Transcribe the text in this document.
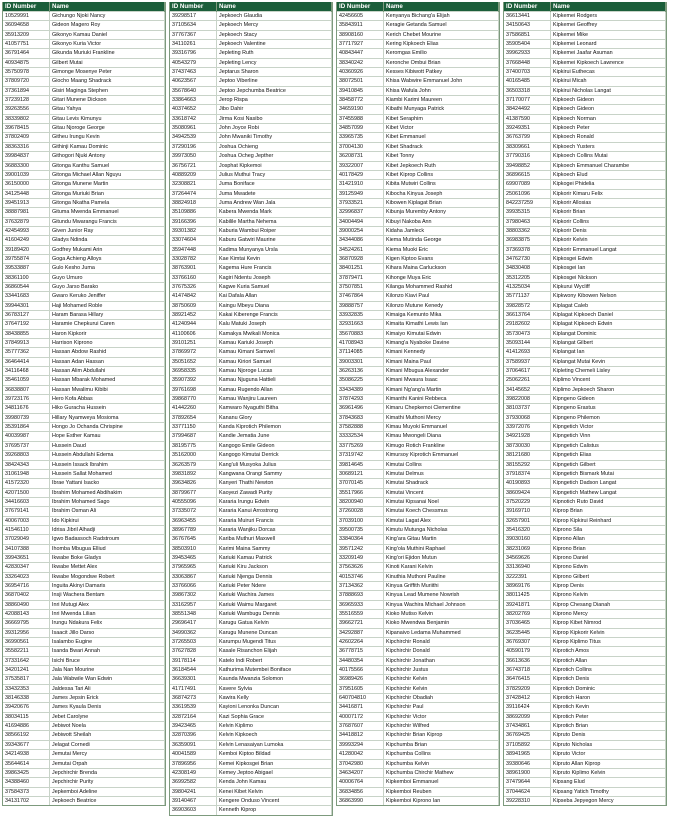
ID Number	Name
10529991	Gichungo Njoki Nancy
36094658	Gideon Magero Roy
35913209	Gikonyo Kamau Daniel
41057751	Gikonyo Kuria Victor
36791464	Gikunda Muriuki Frankline
40934875	Gilbert Mutai
35750978	Gimonge Mosenye Peter
37809720	Giocho Maang Shadrack
37361894	Gisiri Maginga Stephen
37239128	Gitari Munene Dickson
39263556	Gitau Yahya
38339802	Gitau Levis Kimunyu
39678415	Gitau Njoroge George
37802409	Githeu Irungu Kevin
38363316	Githinji Kamau Dominic
39984837	Githogori Njuki Antony
36883300	Gitonga Kanthu Samuel
39001039	Gitonga Michael Allan Nguyu
36150000	Gitonga Munene Martin
34125448	Gitonga Muriuki Brian
39451913	Gitonga Nkatha Pamela
38887981	Gituma Mwenda Emmanuel
37632879	Gitundu Mwarangu Francis
42454993	Given Junior Ray
41604249	Gladys Ndinda
39189420	Godfrey Mukami Arin
39755874	Goga Achieng Alloys
39533887	Gulo Kesho Juma
38361100	Guyo Umuro
36860544	Guyo Jarso Barako
33441683	Gwaro Keruko Jeniffer
39944301	Haji Mohamed Roble
36783127	Haram Barasa Hillary
37647192	Haramie Chepkurui Caren
38438855	Haron Kipkorir
37849913	Harrison Kiprono
35777362	Hassan Abdow Rashid
36464414	Hassan Adan Hassan
34116468	Hassan Alim Abdullahi
35461059	Hassan Mbarak Mohamed
36838807	Hassan Mwalimu Kibibi
39723176	Hero Kofa Abbas
34811676	Hiko Guracha Hussein
39980739	Hillary Nyamweya Mosioma
35391864	Hongo Jo Ochanda Chrispine
40039987	Hope Esther Kamau
37695737	Hussein Daud
39268803	Hussein Abdullahi Edema
38424343	Hussein Issack Ibrahim
31061948	Hussein Sallat Mohamed
41572320	Ibrae Yattani Isacko
42071500	Ibrahim Mohamed Abdihakim
34416603	Ibrahim Mohamed Sago
37679141	Ibrahim Osman Ali
40067003	Ido Kipkirui
41546110	Idrisa Jibril Alhadji
37029049	Igwo Badassoch Radstroum
34107388	Ihomba Mbugua Elliud
39943651	Ikwabe Boke Gladys
42830347	Ikwabe Mettet Alex
33264023	Ikwabe Mogondwe Robert
36954716	Inguita Akinyi Damaris
36870402	Insji Wachera Bentam
38860490	Inri Mutugi Alex
42088143	Inri Mwenda Lilian
36669795	Irungu Ndakura Felix
39312956	Isaacit Jillo Darso
36990561	Isalambo Eugine
35582211	Isanda Bwari Annah
37331642	Isichi Bruce
34201241	Jala Nan Mourine
37535817	Jala Wabwile Wan Edwin
33432353	Jaldessa Tari Ali
38146338	James Jepsin Erick
39420676	James Kyaula Denis
38034115	Jebet Carolyne
41694886	Jebiwot Noela
38566192	Jebiwott Sheilah
39343677	Jelagat Cornedi
34214938	Jemutai Mercy
35644614	Jemutai Orpah
39863425	Jepchirchir Brenda
34388460	Jepchirchir Purity
37584373	Jepkemboi Adeline
34131702	Jepkoech Beatrice
ID Number	Name
39298517	Jepkoech Glaudia
37105634	Jepkoech Mercy
37767367	Jepkoech Stacy
34110261	Jepkoech Valentine
39316796	Jepleting Ruth
40543279	Jepleting Lency
37437463	Jeptarus Sharon
40623567	Jeptoo Viberline
35678640	Jeptoo Jepchumba Beatrice
33864663	Jerop Rispa
40374652	Jibo Dahir
33618742	Jirma Kosi Nasibo
35080961	John Joyce Robi
34942539	John Mwaniki Timothy
37290196	Joshua Ochieng
39973050	Joshua Ocheg Jepther
36756721	Josphat Kipkemoi
40889209	Julius Muthui Tracy
32308821	Juma Boniface
37264474	Juma Mwadete
38824918	Juma Andrew Wan Jala
35109886	Kabera Mwenda Mark
39166396	Kabilile Martha Nehema
39301382	Kaburia Wambui Roiper
33074604	Kaburu Gatwiri Maurine
35947448	Kadima Munyanya Ursla
33028782	Kae Kimtai Kevin
38763901	Kagema Hure Francis
33766160	Kagiri Ndentu Joseph
37675326	Kagwe Kuria Samuel
41474842	Kai Dafala Allan
38750609	Kaingu Mbeyu Diana
38921452	Kakai Kiberenge Francis
41240944	Kalu Matuki Joseph
41100606	Kamakya Mwikali Monica
39101251	Kamau Kariuki Joseph
37869972	Kamau Kimani Samwel
35051652	Kamau Kiriori Samuel
36958335	Kamau Njoroge Lucas
35907392	Kamau Njuguna Hattieli
39761698	Kamau Rugendo Allan
39868770	Kamau Wanjiru Laureen
41442260	Kamwaro Nyaguthi Bitha
37892654	Kananu Glory
33771150	Kanda Kiprotich Philemon
37994687	Kandie Jematia June
38195775	Kangogo Emile Gideon
35162000	Kangogo Kimutai Derrick
36263579	Kang'uli Musyoka Julius
39831892	Kangwana Orangi Sammy
39634826	Kanyeri Thathi Newton
38799677	Kaoyezi Zawadi Purity
40555096	Kararia Irungu Edwin
37335072	Kararia Kanui Arrostrong
36963455	Kararia Muiruri Francis
38967789	Kararia Wanjiku Dorcas
36767645	Kariba Muthuri Maxwell
38503910	Karimi Maina Sammy
39453465	Kariuki Kamau Patrick
37965965	Kariuki Kiru Jackson
33063867	Kariuki Njenga Dennis
33766066	Kariuki Peter Ndere
39867302	Kariuki Wachira James
33162957	Kariuki Waimu Margaret
38551348	Kariuki Wambugu Dennis
29696417	Karugu Gatua Kelvin
34990362	Karugu Munene Duncan
37265503	Karumpu Mugendi Titus
37627828	Kasale Risanchon Elijah
39178114	Katelo Indi Robert
36184544	Kathurima Mutembei Boniface
36639301	Kaunda Mwanzia Solomon
41717491	Kavere Sylvia
36874273	Kawira Kelly
33619539	Kayioni Lenonka Duncan
32872164	Kazi Sophia Grace
39423465	Kelvin Kiplimo
32870396	Kelvin Kipkoech
36359091	Kelvin Lenasaiyan Lumoka
40041589	Kemboi Kiptoo Bildad
37896956	Kemei Kipkosgei Brian
42308149	Kemey Jeptoo Abigael
36992582	Kenda John Kamau
39804241	Kenei Kibet Kelvin
39140467	Kengere Onduso Vincent
36903603	Kenneth Kiprop
ID Number	Name
42456605	Kenyanya Bichang'a Elijah
35843911	Keragie Getanda Samuel
38908160	Kerich Chebet Mourine
37717927	Kering Kipkoech Elias
40843447	Keromgas Emilio
38340242	Keronche Ombui Brian
40360926	Kesses Kibiwott Patkey
38072501	Khisa Wabwire Emmanuel John
39410845	Khisa Wafula John
38458772	Kiambi Karimi Maureen
34659190	Kibathi Munyaga Patrick
37455988	Kibet Seraphim
34857099	Kibet Victor
33965735	Kibet Emmanuel
37004130	Kibet Shadrack
36208731	Kibet Tonny
39322007	Kibet Jepkoech Ruth
40178429	Kibet Kiprop Collins
31421910	Kibita Mutwiri Collins
39125949	Kibocha Kinyua Joseph
37933521	Kibowen Kiplagat Brian
32996837	Kibunja Muremby Antony
34004494	Kibuyi Nakoba Ann
39000254	Kidaha Jamleck
34344086	Kiema Mutinda George
34524261	Kiema Muoki Eric
36870928	Kigen Kiptoo Evans
38401251	Kihara Maina Carluckson
37879471	Kihonge Muya Eric
37507851	Kilanga Mohammed Rashid
37467864	Kilonzo Kiavi Paul
39888757	Kilonzo Mutune Kenedy
33932835	Kimaiga Kemunto Mika
32931663	Kimaita Kimathi Lewis Ian
35670883	Kimaiyo Kimutai Edwin
41708943	Kimang'a Nyaboke Davine
37114085	Kimani Kennedy
39003301	Kimani Maina Paul
36263136	Kimani Mbugua Alexander
35086225	Kimani Mwaura Isaac
33434389	Kimani Ng'ang'a Martin
37874293	Kimanthi Kanini Rebbeca
36961496	Kimaru Chepkemoi Clementine
37843683	Kimathi Muthoni Mercy
37582888	Kimau Muyoki Emmanuel
33332534	Kimau Mwongeli Diana
33775269	Kimugo Rotich Frankline
37319742	Kimursoy Kiprotich Emmanuel
39814645	Kimutai Collins
30689121	Kimutai Delmus
37070145	Kimutai Shadrack
35517966	Kimutai Vincent
38200940	Kimutai Kipsanai Noel
37260028	Kimutai Koech Chessmus
37039100	Kimutai Lagat Alex
39500735	Kimutu Mutunga Nicholas
33840364	King'ara Gitau Martin
39571242	King'ola Muthini Raphael
33209149	King'ori Ejidon Mutun
37563626	Kinoti Karani Kelvin
40153746	Kinuthia Muthoni Pauline
37134362	Kinyua Griffith Muriithi
37888693	Kinyua Lead Mumene Nowrish
36965933	Kinyua Wachira Michael Johnson
35516559	Kioko Mutiso Kelvin
39662721	Kioko Mwendwa Benjamin
34292887	Kipanaivo Ledama Muhammed
42602264	Kipchirchir Ronald
36778715	Kipchirchir Donald
34480354	Kipchirchir Jonathan
40175566	Kipchirchir Justus
36989426	Kipchirchir Kelvin
37951605	Kipchirchir Kelvin
640704810	Kipchirchir Obadiah
34416871	Kipchirchir Paul
40007172	Kipchirchir Victor
37687607	Kipchirchir Wilfred
34418812	Kipchirchir Brian Kiprop
39993294	Kipchumba Brian
41280042	Kipchumba Collins
37042980	Kipchumba Kelvin
34634207	Kipchumba Chirchir Mathew
40006764	Kipkemboi Emmanuel
36834856	Kipkemboi Reuben
36863990	Kipkemboi Kiprono Ian
ID Number	Name
36613441	Kipkemei Rodgers
34150643	Kipkemei Geoffrey
37586851	Kipkemei Mike
35905404	Kipkemei Leonard
39962933	Kipkemei Jaafar Asuman
37668448	Kipkemei Kipkoech Lawrence
37400703	Kipkirui Euthecas
40165485	Kipkirui Micah
36503318	Kipkirui Nicholas Langat
37170077	Kipkoech Gideon
38424492	Kipkoech Gideon
41387590	Kipkoech Norman
39249351	Kipkoech Peter
36763799	Kipkoech Ronald
38309661	Kipkoech Yusters
37790316	Kipkoech Collins Mutai
39498852	Kipkoech Emmanuel Charambe
36896615	Kipkoech Elud
69907089	Kipkogei Phidelia
25061096	Kipkorir Kimaru Felix
842237259	Kipkorir Allosias
39935315	Kipkorir Brian
37980463	Kipkorir Collins
38803362	Kipkorir Denis
36983875	Kipkorir Kelvin
37369378	Kipkorir Emmanuel Langat
34762730	Kipkosgei Edwin
34830408	Kipkosgei Ian
35312205	Kipkosgei Nickson
41325034	Kipkurui Wycliff
35771137	Kipkwony Kibowen Nelson
39828572	Kiplagat Caleb
36613764	Kiplagat Kipkoech Daniel
29182602	Kiplagat Kipkoech Edwin
35730473	Kiplangat Dominic
35093144	Kiplangat Gilbert
41412693	Kiplangat Ian
37589937	Kiplangat Mutai Kevin
37064617	Kipleting Chemeli Lisley
25062261	Kiplimo Vincent
34145652	Kiplimo Jepkoech Sharon
39822008	Kipngeno Gideon
38103737	Kipngeno Erastus
37930068	Kipngeno Philemon
33972076	Kipngetich Victor
34921928	Kipngetich Vinn
38730030	Kipngetich Calistus
38121680	Kipngetich Elias
38155292	Kipngetich Gilbert
37918374	Kipngetich Bismark Mutai
40190893	Kipngetich Dadson Langat
38609424	Kipngetich Mathew Langat
37520229	Kipnotich Ruto David
39169710	Kiprop Brian
32657901	Kiprop Kipkirui Reinhard
35416320	Kiprono Sila
39030160	Kiprono Allan
38231069	Kiprono Brian
34569626	Kiprono Daniel
33136940	Kiprono Edwin
3222391	Kiprono Gilbert
38969176	Kiprop Denis
38011425	Kiprono Kelvin
39241871	Kiprop Chesang Dianah
38202769	Kiprono Mercy
37036465	Kiprop Kibet Nimrod
36235445	Kiprop Kipkorir Kelvin
36769307	Kiprop Kiplimo Titus
40590179	Kiprotich Amos
36613636	Kiprotich Allan
36743718	Kiprotich Collins
36476415	Kiprotich Denis
37829209	Kiprotich Dominic
37428412	Kiprotich Haron
39116424	Kiprotich Kevin
38692099	Kiprotich Peter
37434861	Kiprotich Brian
36769425	Kipruto Denis
37105892	Kipruto Nicholas
38941965	Kipruto Victor
39380646	Kipruto Allan Kiprop
38961900	Kipruto Kiplimo Kelvin
37479644	Kipsang Elud
37044624	Kipsang Yatich Timothy
39228310	Kipseba Jepyegon Mercy
